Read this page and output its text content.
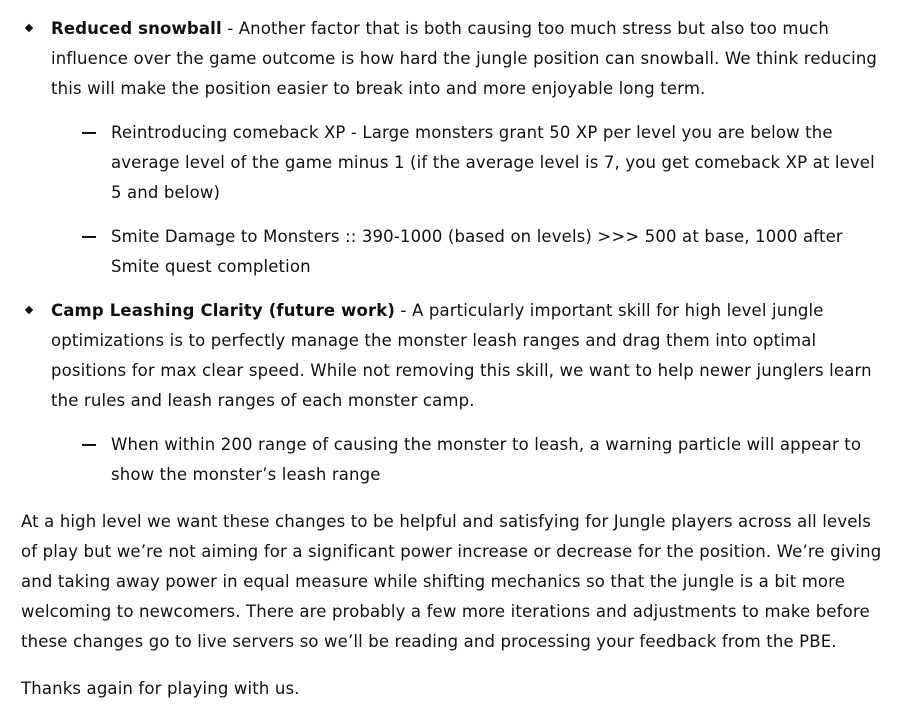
Reduced snowball - Another factor that is both causing too much stress but also too much influence over the game outcome is how hard the jungle position can snowball. We think reducing this will make the position easier to break into and more enjoyable long term.
Reintroducing comeback XP - Large monsters grant 50 XP per level you are below the average level of the game minus 1 (if the average level is 7, you get comeback XP at level 5 and below)
Smite Damage to Monsters :: 390-1000 (based on levels) >>> 500 at base, 1000 after Smite quest completion
Camp Leashing Clarity (future work) - A particularly important skill for high level jungle optimizations is to perfectly manage the monster leash ranges and drag them into optimal positions for max clear speed. While not removing this skill, we want to help newer junglers learn the rules and leash ranges of each monster camp.
When within 200 range of causing the monster to leash, a warning particle will appear to show the monster’s leash range

At a high level we want these changes to be helpful and satisfying for Jungle players across all levels of play but we’re not aiming for a significant power increase or decrease for the position. We’re giving and taking away power in equal measure while shifting mechanics so that the jungle is a bit more welcoming to newcomers. There are probably a few more iterations and adjustments to make before these changes go to live servers so we’ll be reading and processing your feedback from the PBE.

Thanks again for playing with us.
